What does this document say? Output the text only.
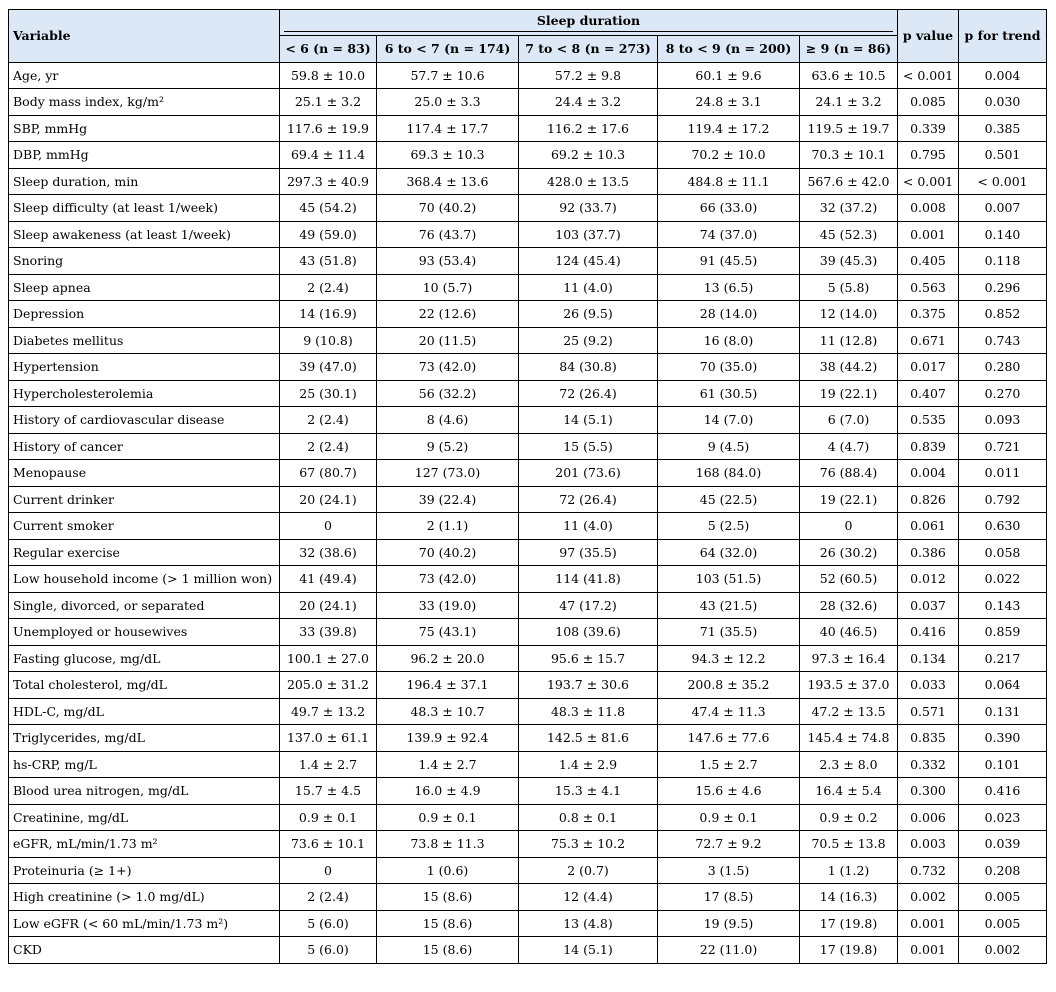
Variable	Sleep duration					p value	p for trend
	< 6 (n = 83)	6 to < 7 (n = 174)	7 to < 8 (n = 273)	8 to < 9 (n = 200)	≥ 9 (n = 86)		
Age, yr	59.8 ± 10.0	57.7 ± 10.6	57.2 ± 9.8	60.1 ± 9.6	63.6 ± 10.5	< 0.001	0.004
Body mass index, kg/m²	25.1 ± 3.2	25.0 ± 3.3	24.4 ± 3.2	24.8 ± 3.1	24.1 ± 3.2	0.085	0.030
SBP, mmHg	117.6 ± 19.9	117.4 ± 17.7	116.2 ± 17.6	119.4 ± 17.2	119.5 ± 19.7	0.339	0.385
DBP, mmHg	69.4 ± 11.4	69.3 ± 10.3	69.2 ± 10.3	70.2 ± 10.0	70.3 ± 10.1	0.795	0.501
Sleep duration, min	297.3 ± 40.9	368.4 ± 13.6	428.0 ± 13.5	484.8 ± 11.1	567.6 ± 42.0	< 0.001	< 0.001
Sleep difficulty (at least 1/week)	45 (54.2)	70 (40.2)	92 (33.7)	66 (33.0)	32 (37.2)	0.008	0.007
Sleep awakeness (at least 1/week)	49 (59.0)	76 (43.7)	103 (37.7)	74 (37.0)	45 (52.3)	0.001	0.140
Snoring	43 (51.8)	93 (53.4)	124 (45.4)	91 (45.5)	39 (45.3)	0.405	0.118
Sleep apnea	2 (2.4)	10 (5.7)	11 (4.0)	13 (6.5)	5 (5.8)	0.563	0.296
Depression	14 (16.9)	22 (12.6)	26 (9.5)	28 (14.0)	12 (14.0)	0.375	0.852
Diabetes mellitus	9 (10.8)	20 (11.5)	25 (9.2)	16 (8.0)	11 (12.8)	0.671	0.743
Hypertension	39 (47.0)	73 (42.0)	84 (30.8)	70 (35.0)	38 (44.2)	0.017	0.280
Hypercholesterolemia	25 (30.1)	56 (32.2)	72 (26.4)	61 (30.5)	19 (22.1)	0.407	0.270
History of cardiovascular disease	2 (2.4)	8 (4.6)	14 (5.1)	14 (7.0)	6 (7.0)	0.535	0.093
History of cancer	2 (2.4)	9 (5.2)	15 (5.5)	9 (4.5)	4 (4.7)	0.839	0.721
Menopause	67 (80.7)	127 (73.0)	201 (73.6)	168 (84.0)	76 (88.4)	0.004	0.011
Current drinker	20 (24.1)	39 (22.4)	72 (26.4)	45 (22.5)	19 (22.1)	0.826	0.792
Current smoker	0	2 (1.1)	11 (4.0)	5 (2.5)	0	0.061	0.630
Regular exercise	32 (38.6)	70 (40.2)	97 (35.5)	64 (32.0)	26 (30.2)	0.386	0.058
Low household income (> 1 million won)	41 (49.4)	73 (42.0)	114 (41.8)	103 (51.5)	52 (60.5)	0.012	0.022
Single, divorced, or separated	20 (24.1)	33 (19.0)	47 (17.2)	43 (21.5)	28 (32.6)	0.037	0.143
Unemployed or housewives	33 (39.8)	75 (43.1)	108 (39.6)	71 (35.5)	40 (46.5)	0.416	0.859
Fasting glucose, mg/dL	100.1 ± 27.0	96.2 ± 20.0	95.6 ± 15.7	94.3 ± 12.2	97.3 ± 16.4	0.134	0.217
Total cholesterol, mg/dL	205.0 ± 31.2	196.4 ± 37.1	193.7 ± 30.6	200.8 ± 35.2	193.5 ± 37.0	0.033	0.064
HDL-C, mg/dL	49.7 ± 13.2	48.3 ± 10.7	48.3 ± 11.8	47.4 ± 11.3	47.2 ± 13.5	0.571	0.131
Triglycerides, mg/dL	137.0 ± 61.1	139.9 ± 92.4	142.5 ± 81.6	147.6 ± 77.6	145.4 ± 74.8	0.835	0.390
hs-CRP, mg/L	1.4 ± 2.7	1.4 ± 2.7	1.4 ± 2.9	1.5 ± 2.7	2.3 ± 8.0	0.332	0.101
Blood urea nitrogen, mg/dL	15.7 ± 4.5	16.0 ± 4.9	15.3 ± 4.1	15.6 ± 4.6	16.4 ± 5.4	0.300	0.416
Creatinine, mg/dL	0.9 ± 0.1	0.9 ± 0.1	0.8 ± 0.1	0.9 ± 0.1	0.9 ± 0.2	0.006	0.023
eGFR, mL/min/1.73 m²	73.6 ± 10.1	73.8 ± 11.3	75.3 ± 10.2	72.7 ± 9.2	70.5 ± 13.8	0.003	0.039
Proteinuria (≥ 1+)	0	1 (0.6)	2 (0.7)	3 (1.5)	1 (1.2)	0.732	0.208
High creatinine (> 1.0 mg/dL)	2 (2.4)	15 (8.6)	12 (4.4)	17 (8.5)	14 (16.3)	0.002	0.005
Low eGFR (< 60 mL/min/1.73 m²)	5 (6.0)	15 (8.6)	13 (4.8)	19 (9.5)	17 (19.8)	0.001	0.005
CKD	5 (6.0)	15 (8.6)	14 (5.1)	22 (11.0)	17 (19.8)	0.001	0.002
